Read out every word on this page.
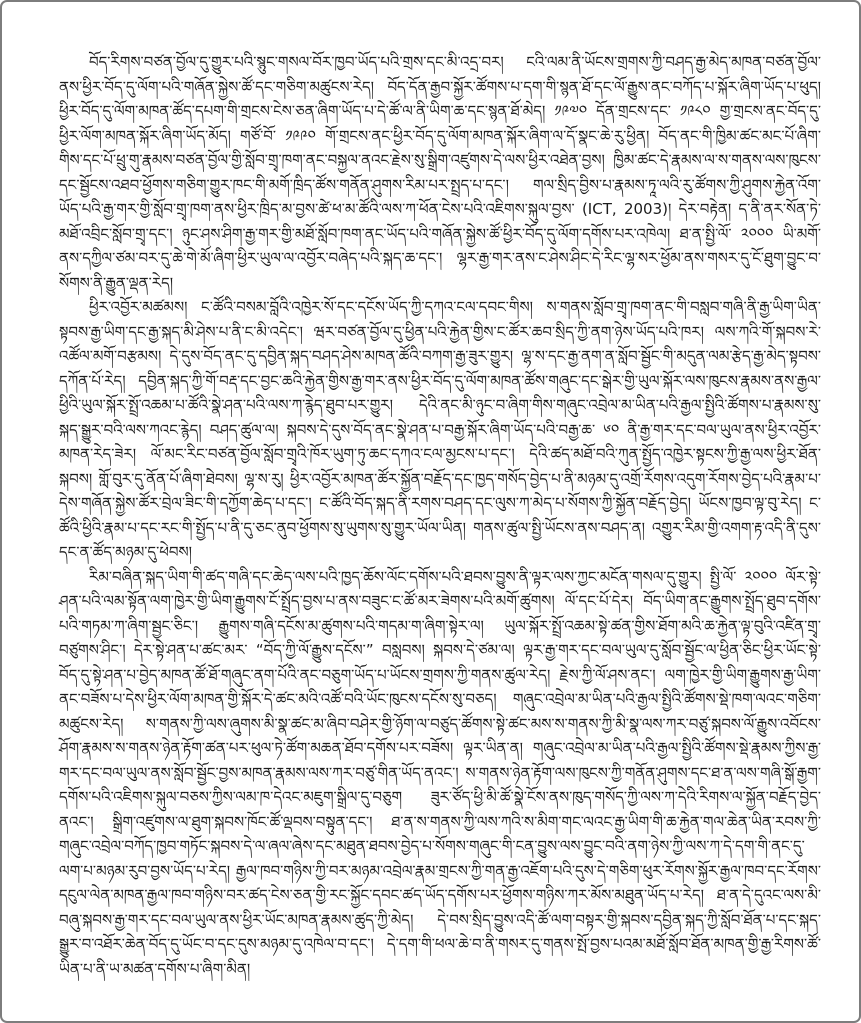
བོད་རིགས་བཙན་བྱོལ་དུ་གྱུར་པའི་སྙུང་གསལ་བོར་ཁྱབ་ཡོད་པའི་གྲས་དང་མི་འདྲ་བར། ངའི་ལམ་ནི་ཡོངས་གྲགས་ཀྱི་བཤད་རྒྱ་མེད་མཁན་བཙན་བྱོལ་ནས་ཕྱིར་བོད་དུ་ལོག་པའི་གཞོན་སྐྱེས་ཚོ་དང་གཅིག་མཚུངས་རེད། བོད་དོན་རྒྱབ་སྐྱོར་ཚོགས་པ་དག་གི་སྙན་ཐོ་དང་ལོ་རྒྱུས་ནང་བཀོད་པ་སྐོར་ཞིག་ཡོད་པ་ཕུད། ཕྱིར་བོད་དུ་ལོག་མཁན་ཚོད་དཔག་གི་གྲངས་ངེས་ཅན་ཞིག་ཡོད་པ་དེ་ཚོ་ལ་ནི་ཡིག་ཆ་དང་སྙན་ཐོ་མེད། ༡༩༧༠ དོན་གྲངས་དང་ ༡༩༨༠ གྱ་གྲངས་ནང་བོད་དུ་ཕྱིར་ལོག་མཁན་སྐོར་ཞིག་ཡོད་མོད། གཙོ་བོ་ ༡༩༩༠ གོ་གྲངས་ནང་ཕྱིར་བོད་དུ་ལོག་མཁན་སྐོར་ཞིག་ལ་དོ་སྣང་ཆེ་རུ་ཕྱིན། བོད་ནང་གི་ཁྱིམ་ཚང་མང་པོ་ཞིག་གིས་དང་པོ་ཕྲུ་གུ་རྣམས་བཙན་བྱོལ་གྱི་སློབ་གྲྭ་ཁག་ནང་བསྐྱལ་ནའང་རྗེས་སུ་སྒྲིག་འཛུགས་དེ་ལས་ཕྱིར་འཐེན་བྱས། ཁྱིམ་ཚང་དེ་རྣམས་ལ་ས་གནས་ལས་ཁུངས་དང་སྦྱོངས་འཐབ་ཕྱོགས་གཅིག་གྱུར་ཁང་གི་མགོ་ཁྲིད་ཚོས་གནོན་ཤུགས་རིམ་པར་སྤྲད་པ་དང་། གལ་སྲིད་བྱིས་པ་རྣམས་ཏཱ་ལའི་རུ་ཚོགས་ཀྱི་ཤུགས་རྐྱེན་འོག་ཡོད་པའི་རྒྱ་གར་གྱི་སློབ་གྲྭ་ཁག་ནས་ཕྱིར་ཁྲིད་མ་བྱས་ཚེ་ཕ་མ་ཚོའི་ལས་ཀ་ཕོན་ངེས་པའི་འཇིགས་སྐུལ་བྱས་ (ICT, 2003)། དེར་བརྟེན། ད་ནི་ནར་སོན་ཏེ་མཐོ་འབྲིང་སློབ་གྲྭ་དང་། ཉུང་ཤས་ཤིག་རྒྱ་གར་གྱི་མཐོ་སློབ་ཁག་ནང་ཡོད་པའི་གཞོན་སྐྱེས་ཚོ་ཕྱིར་བོད་དུ་ལོག་དགོས་པར་འཁེལ། ཐ་ན་སྤྱི་ལོ་ ༢༠༠༠ ཡི་མགོ་ནས་དཀྱིལ་ཙམ་བར་དུ་ཆེ་གེ་མོ་ཞིག་ཕྱིར་ཡུལ་ལ་འབྱོར་བཞེད་པའི་སྐད་ཆ་དང་། ལྷར་རྒྱ་གར་ནས་ང་ཤེས་ཤིང་དེ་རིང་ལྷ་སར་ཕྱོམ་ནས་གསར་དུ་ངོ་ཐུག་བྱུང་བ་སོགས་ནི་རྒྱུན་ལྡན་རེད།

ཕྱིར་འབྱོར་མཚམས། ང་ཚོའི་བསམ་བློའི་འཁྱེར་སོ་དང་དངོས་ཡོད་ཀྱི་དཀའ་ངལ་དབང་གིས། ས་གནས་སློབ་གྲྭ་ཁག་ནང་གི་བསླབ་གཞི་ནི་རྒྱ་ཡིག་ཡིན་སྟབས་རྒྱ་ཡིག་དང་རྒྱ་སྐད་མི་ཤེས་པ་ནི་ང་མི་འདེང་། ཝར་བཙན་བྱོལ་དུ་ཕྱིན་པའི་རྐྱེན་གྱིས་ང་ཚོར་ཆབ་སྲིད་ཀྱི་ནག་ཉེས་ཡོད་པའི་ཁར། ལས་ཀའི་གོ་སྐབས་རེ་འཚོལ་མགོ་བརྩམས། དེ་དུས་བོད་ནང་དུ་དབྱིན་སྐད་བཤད་ཤེས་མཁན་ཚོའི་བཀག་རྒྱ་ཟུར་གྱུར། ལྷ་ས་དང་རྒྱ་ནག་ན་སློབ་སྦྱོང་གི་མདུན་ལམ་རྩེད་རྒྱ་མེད་སྟབས་དཀོན་པོ་རེད། དབྱིན་སྐད་ཀྱི་གོ་བརྡ་དང་བྱང་ཆའི་རྐྱེན་གྱིས་རྒྱ་གར་ནས་ཕྱིར་བོད་དུ་ལོག་མཁན་ཚོས་གཞུང་དང་སྒེར་གྱི་ཡུལ་སྐོར་ལས་ཁུངས་རྣམས་ནས་རྒྱལ་ཕྱིའི་ཡུལ་སྐོར་སྤྲོ་འཆམ་པ་ཚོའི་སྣེ་ཤན་པའི་ལས་ཀ་རྙེད་ཐུབ་པར་གྱུར། དེའི་ནང་མི་ཉུང་བ་ཞིག་གིས་གཞུང་འབྲེལ་མ་ཡིན་པའི་རྒྱལ་སྤྱིའི་ཚོགས་པ་རྣམས་སུ་སྐད་སྒྱུར་བའི་ལས་ཀའང་རྙེད། བཤད་ཚུལ་ལ། སྐབས་དེ་དུས་བོད་ནང་སྣེ་ཤན་པ་བརྒྱ་སྐོར་ཞིག་ཡོད་པའི་བརྒྱ་ཆ་ ༦༠ ནི་རྒྱ་གར་དང་བལ་ཡུལ་ནས་ཕྱིར་འབྱོར་མཁན་རེད་ཟེར། ལོ་མང་རིང་བཙན་བྱོལ་སློབ་གྲྭའི་ཁོར་ཡུག་ཏུ་ཆང་དཀའ་ངལ་མྱངས་པ་དང་། དེའི་ཚད་མཐོ་བའི་ཀུན་སྤྱོད་འཁྱེར་སྟངས་ཀྱི་རྒྱ་ལས་ཕྱིར་ཐོན་སྐབས། གློ་བུར་དུ་ནོན་པོ་ཞིག་ཐེབས། ལྷ་ས་རུ། ཕྱིར་འབྱོར་མཁན་ཚོར་སྐྱོན་བརྗོད་དང་ཁྱད་གསོད་བྱེད་པ་ནི་མཉམ་དུ་འགྲོ་རོགས་འདུག་རོགས་བྱེད་པའི་རྣམ་པ་དེས་གཞོན་སྐྱེས་ཚོར་བྲེལ་ཟིང་གི་དཀྱོག་ཆེད་པ་དང་། ང་ཚོའི་བོད་སྐད་ནི་རགས་བཤད་དང་ལུས་ཀ་མེད་པ་སོགས་ཀྱི་སྐྱོན་བརྗོད་བྱེད། ཡོངས་ཁྱབ་ལྟ་བུ་རེད། ང་ཚོའི་ཕྱིའི་རྣམ་པ་དང་རང་གི་སྤྱོད་པ་ནི་དུ་ཅང་ནུབ་ཕྱོགས་སུ་ཡུགས་སུ་གྱུར་ཡོལ་ཡིན། གནས་ཚུལ་སྤྱི་ཡོངས་ནས་བཤད་ན། འགྱུར་རིམ་གྱི་འགག་རྟ་འདི་ནི་དུས་དང་ན་ཚོད་མཉམ་དུ་ཕེབས།

རིམ་བཞིན་སྐད་ཡིག་གི་ཚད་གཞི་དང་ཆེད་ལས་པའི་ཁྱད་ཆོས་ལོང་དགོས་པའི་ཐབས་བྱུས་ནི་ལྟར་ལས་ཀྱང་མངོན་གསལ་དུ་གྱུར། སྤྱི་ལོ་ ༢༠༠༠ ལོར་སྟེ་ཤན་པའི་ལམ་སྟོན་ལག་ཁྱེར་གྱི་ཡིག་རྒྱུགས་ངོ་སྤྲོད་བྱས་པ་ནས་བཟུང་ང་ཚོ་མར་ཟེགས་པའི་མགོ་ཚུགས། ལོ་དང་པོ་དེར། བོད་ཡིག་ནང་རྒྱུགས་སྤྲོད་ཐུབ་དགོས་པའི་གཏམ་ཀ་ཞིག་སྦྱང་ཅིང་། རྒྱུགས་གཞི་དངོས་མ་ཚུགས་པའི་གདམ་ག་ཞིག་སྟེར་ལ། ཡུལ་སྐོར་སྤྲོ་འཆམ་སྟེ་ཚན་གྱིས་ཐོག་མའི་ཆ་རྐྱེན་ལྟ་བུའི་འཛིན་གྲྭ་བཙུགས་ཤིང་། དེར་སྟེ་ཤན་པ་ཚང་མར་ “བོད་ཀྱི་ལོ་རྒྱུས་དངོས་” བསླབས། སྐབས་དེ་ཙམ་ལ། ལྟར་རྒྱ་གར་དང་བལ་ཡུལ་དུ་སློབ་སྦྱོང་ལ་ཕྱིན་ཅིང་ཕྱིར་ཡོང་སྟེ་བོད་དུ་སྟེ་ཤན་པ་བྱེད་མཁན་ཚོ་ཐོ་གཞུང་ནག་པོའི་ནང་བཅུག་ཡོད་པ་ཡོངས་གྲགས་ཀྱི་གནས་ཚུལ་རེད། རྗེས་ཀྱི་ལོ་ཤས་ནང་། ལག་ཁྱེར་གྱི་ཡིག་རྒྱུགས་རྒྱ་ཡིག་ནང་བཟོས་པ་དེས་ཕྱིར་ལོག་མཁན་གྱི་སྐོར་དེ་ཚང་མའི་འཚོ་བའི་ཡོང་ཁུངས་དངོས་སུ་བཅད། གཞུང་འབྲེལ་མ་ཡིན་པའི་རྒྱལ་སྤྱིའི་ཚོགས་སྡེ་ཁག་ལའང་གཅིག་མཚུངས་རེད། ས་གནས་ཀྱི་ལས་ཞུགས་མི་སྣ་ཚང་མ་ཞིབ་བཤེར་གྱི་ཉོག་ལ་བཙུད་ཚོགས་སྟེ་ཚང་མས་ས་གནས་ཀྱི་མི་སྣ་ལས་ཀར་བཙུ་སྐབས་ལོ་རྒྱུས་འབོངས་ཤོག་རྣམས་ས་གནས་ཉེན་རྟོག་ཚན་པར་ཕུལ་ཏེ་ཚོག་མཆན་ཐོབ་དགོས་པར་བཟོས། ལྟར་ཡིན་ན། གཞུང་འབྲེལ་མ་ཡིན་པའི་རྒྱལ་སྤྱིའི་ཚོགས་སྡེ་རྣམས་ཀྱིས་རྒྱ་གར་དང་བལ་ཡུལ་ནས་སློབ་སྦྱོང་བྱས་མཁན་རྣམས་ལས་ཀར་བཙུ་གིན་ཡོད་ནའང་། ས་གནས་ཉེན་རྟོག་ལས་ཁུངས་ཀྱི་གནོན་ཤུགས་དང་ཐ་ན་ལས་གཞི་སྒོ་རྒྱག་དགོས་པའི་འཇིགས་སྐུལ་བཅས་ཀྱིས་ལམ་ཁ་དེའང་མཇུག་སྒྲིལ་དུ་བཅུག ཟུར་ཙོད་ཕྱི་མི་ཚོ་སྣེ་ངོས་ནས་ཁུད་གསོད་ཀྱི་ལས་ཀ་དེའི་རིགས་ལ་སྐྱོན་བརྗོད་བྱེད་ནའང་། སྒྲིག་འཛུགས་ལ་ཐུག་སྐབས་ཁོང་ཚོ་ལྡབས་བསྟུན་དང་། ཐ་ན་ས་གནས་ཀྱི་ལས་ཀའི་ས་མིག་གང་ལའང་རྒྱ་ཡིག་གི་ཆ་རྐྱེན་གལ་ཆེན་ཡིན་རབས་ཀྱི་གཞུང་འབྲེལ་བཀོད་ཁྱབ་གཏོང་སྐབས་དེ་ལ་ཞལ་ཞེས་དང་མཐུན་ཐབས་བྱེད་པ་སོགས་གཞུང་གི་ངན་བྱུས་ལས་བྱུང་བའི་ནག་ཉེས་ཀྱི་ལས་ཀ་དེ་དག་གི་ནང་དུ་ལག་པ་མཉམ་རུབ་བྱས་ཡོད་པ་རེད། རྒྱལ་ཁབ་གཉིས་ཀྱི་བར་མཉམ་འབྲེལ་རྣམ་གྲངས་ཀྱི་གན་རྒྱ་འཇོག་པའི་དུས་དེ་གཅིག་ཕུར་རོགས་སྐྱོར་རྒྱལ་ཁབ་དང་རོགས་དངུལ་ལེན་མཁན་རྒྱལ་ཁབ་གཉིས་བར་ཚད་ངེས་ཅན་གྱི་རང་སྐྱོང་དབང་ཚད་ཡོད་དགོས་པར་ཕྱོགས་གཉིས་ཀར་མོས་མཐུན་ཡོད་པ་རེད། ཐ་ན་དེ་དུའང་ལས་མི་བཞུ་སྐབས་རྒྱ་གར་དང་བལ་ཡུལ་ནས་ཕྱིར་ཡོང་མཁན་རྣམས་ཚུད་ཀྱི་མེད། དེ་བས་སྲིད་བྱུས་འདི་ཚོ་ལག་བསྟར་གྱི་སྐབས་དབྱིན་སྐད་ཀྱི་སློབ་ཐོན་པ་དང་སྐད་སྒྱུར་བ་འཐོར་ཆེན་བོད་དུ་ཡོང་བ་དང་དུས་མཉམ་དུ་འཁེལ་བ་དང་། དེ་དག་གི་ཕལ་ཆེ་བ་ནི་གསར་དུ་གནས་སྤོ་བྱས་པའམ་མཐོ་སློབ་ཐོན་མཁན་གྱི་རྒྱ་རིགས་ཚོ་ཡིན་པ་ནི་ཡ་མཚན་དགོས་པ་ཞིག་མིན།
